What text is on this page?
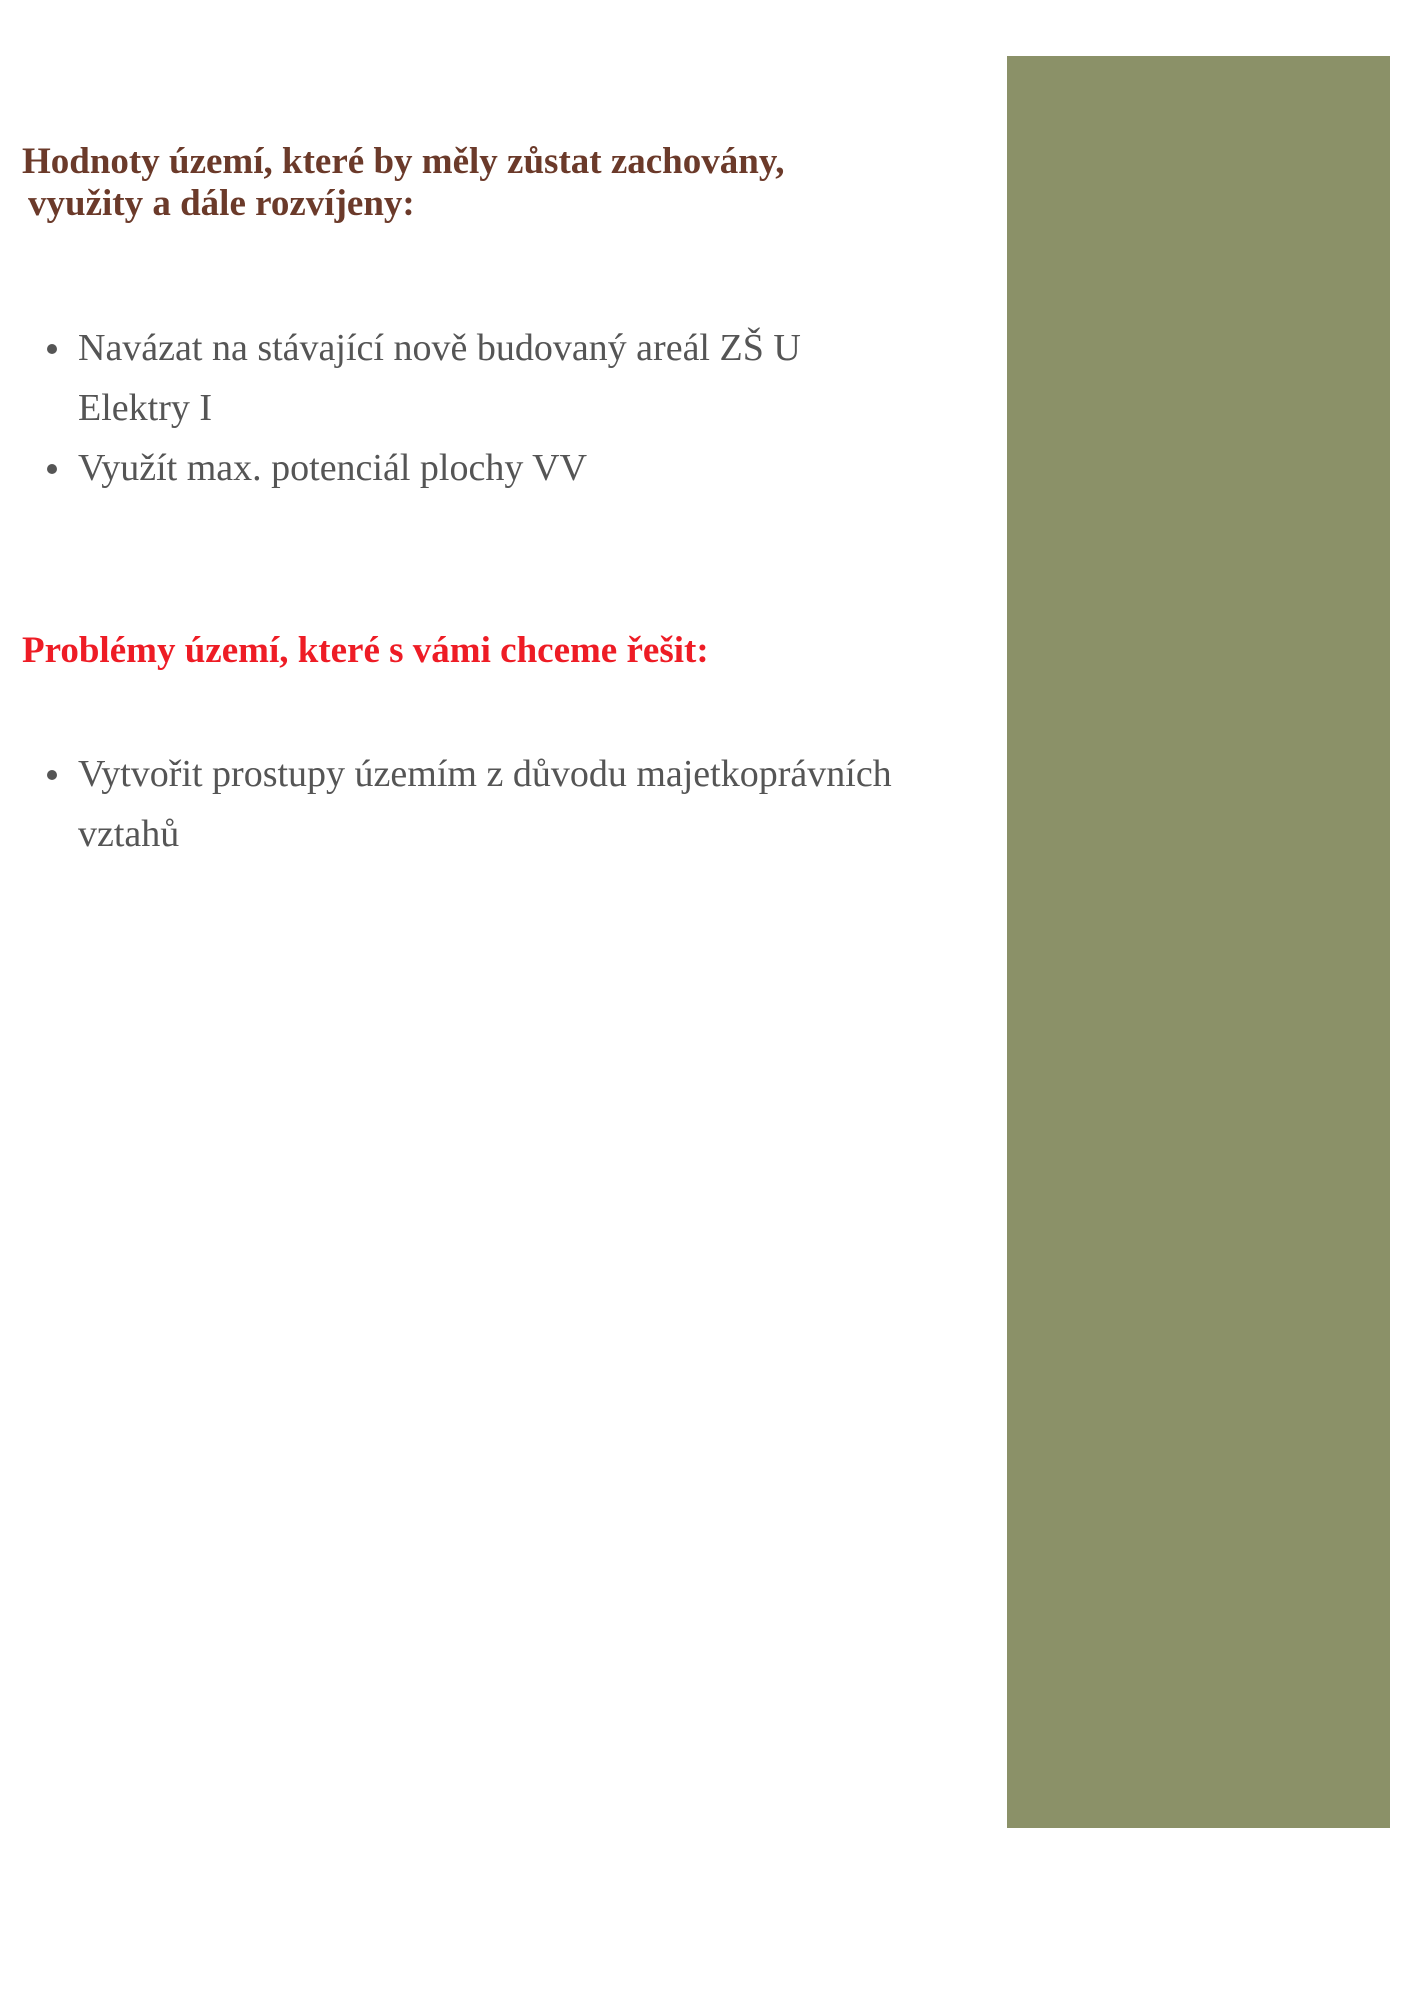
Hodnoty území, které by měly zůstat zachovány,
využity a dále rozvíjeny:
Navázat na stávající nově budovaný areál ZŠ U Elektry I
Využít max. potenciál plochy VV
Problémy území, které s vámi chceme řešit:
Vytvořit prostupy územím z důvodu majetkoprávních vztahů
